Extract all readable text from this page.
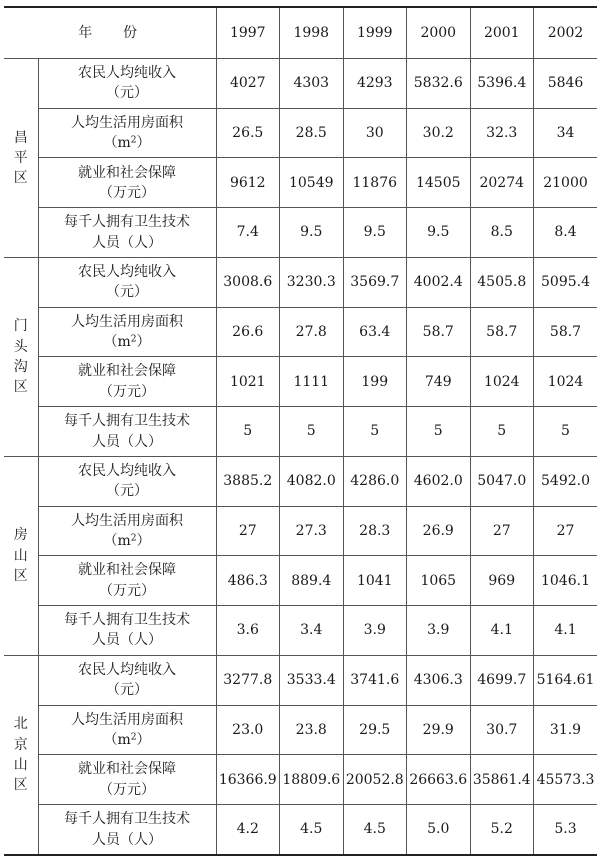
年　份		1997	1998	1999	2000	2001	2002

昌
平
区	农民人均纯收入
（元）	4027	4303	4293	5832.6	5396.4	5846

	人均生活用房面积
$(m^2)$	26.5	28.5	30	30.2	32.3	34

	就业和社会保障
（万元）	9612	10549	11876	14505	20274	21000

	每千人拥有卫生技术
人员（人）	7.4	9.5	9.5	9.5	8.5	8.4

门
头
沟
区	农民人均纯收入
（元）	3008.6	3230.3	3569.7	4002.4	4505.8	5095.4

	人均生活用房面积
$(m^2)$	26.6	27.8	63.4	58.7	58.7	58.7

	就业和社会保障
（万元）	1021	1111	199	749	1024	1024

	每千人拥有卫生技术
人员（人）	5	5	5	5	5	5

房
山
区	农民人均纯收入
（元）	3885.2	4082.0	4286.0	4602.0	5047.0	5492.0

	人均生活用房面积
$(m^2)$	27	27.3	28.3	26.9	27	27

	就业和社会保障
（万元）	486.3	889.4	1041	1065	969	1046.1

	每千人拥有卫生技术
人员（人）	3.6	3.4	3.9	3.9	4.1	4.1

北
京
山
区	农民人均纯收入
（元）	3277.8	3533.4	3741.6	4306.3	4699.7	5164.61

	人均生活用房面积
$(m^2)$	23.0	23.8	29.5	29.9	30.7	31.9

	就业和社会保障
（万元）	16366.9	18809.6	20052.8	26663.6	35861.4	45573.3

	每千人拥有卫生技术
人员（人）	4.2	4.5	4.5	5.0	5.2	5.3
